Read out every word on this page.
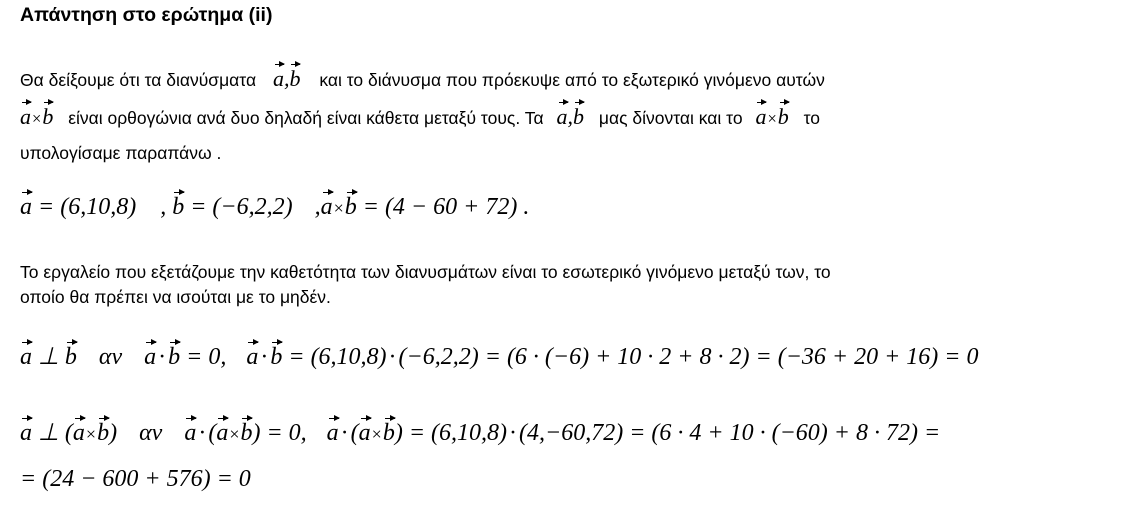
Απάντηση στο ερώτημα (ii)
Θα δείξουμε ότι τα διανύσματα a,b και το διάνυσμα που πρόεκυψε από το εξωτερικό γινόμενο αυτών
a×b είναι ορθογώνια ανά δυο δηλαδή είναι κάθετα μεταξύ τους. Τα a,b μας δίνονται και το a×b το
υπολογίσαμε παραπάνω .
a = (6,10,8) , b = (−6,2,2) ,a×b = (4 − 60 + 72) .
Το εργαλείο που εξετάζουμε την καθετότητα των διανυσμάτων είναι το εσωτερικό γινόμενο μεταξύ των, το
οποίο θα πρέπει να ισούται με το μηδέν.
a ⊥ b αν a·b = 0, a·b = (6,10,8)·(−6,2,2) = (6 · (−6) + 10 · 2 + 8 · 2) = (−36 + 20 + 16) = 0
a ⊥ (a×b) αν a·(a×b) = 0, a·(a×b) = (6,10,8)·(4,−60,72) = (6 · 4 + 10 · (−60) + 8 · 72) =
= (24 − 600 + 576) = 0
